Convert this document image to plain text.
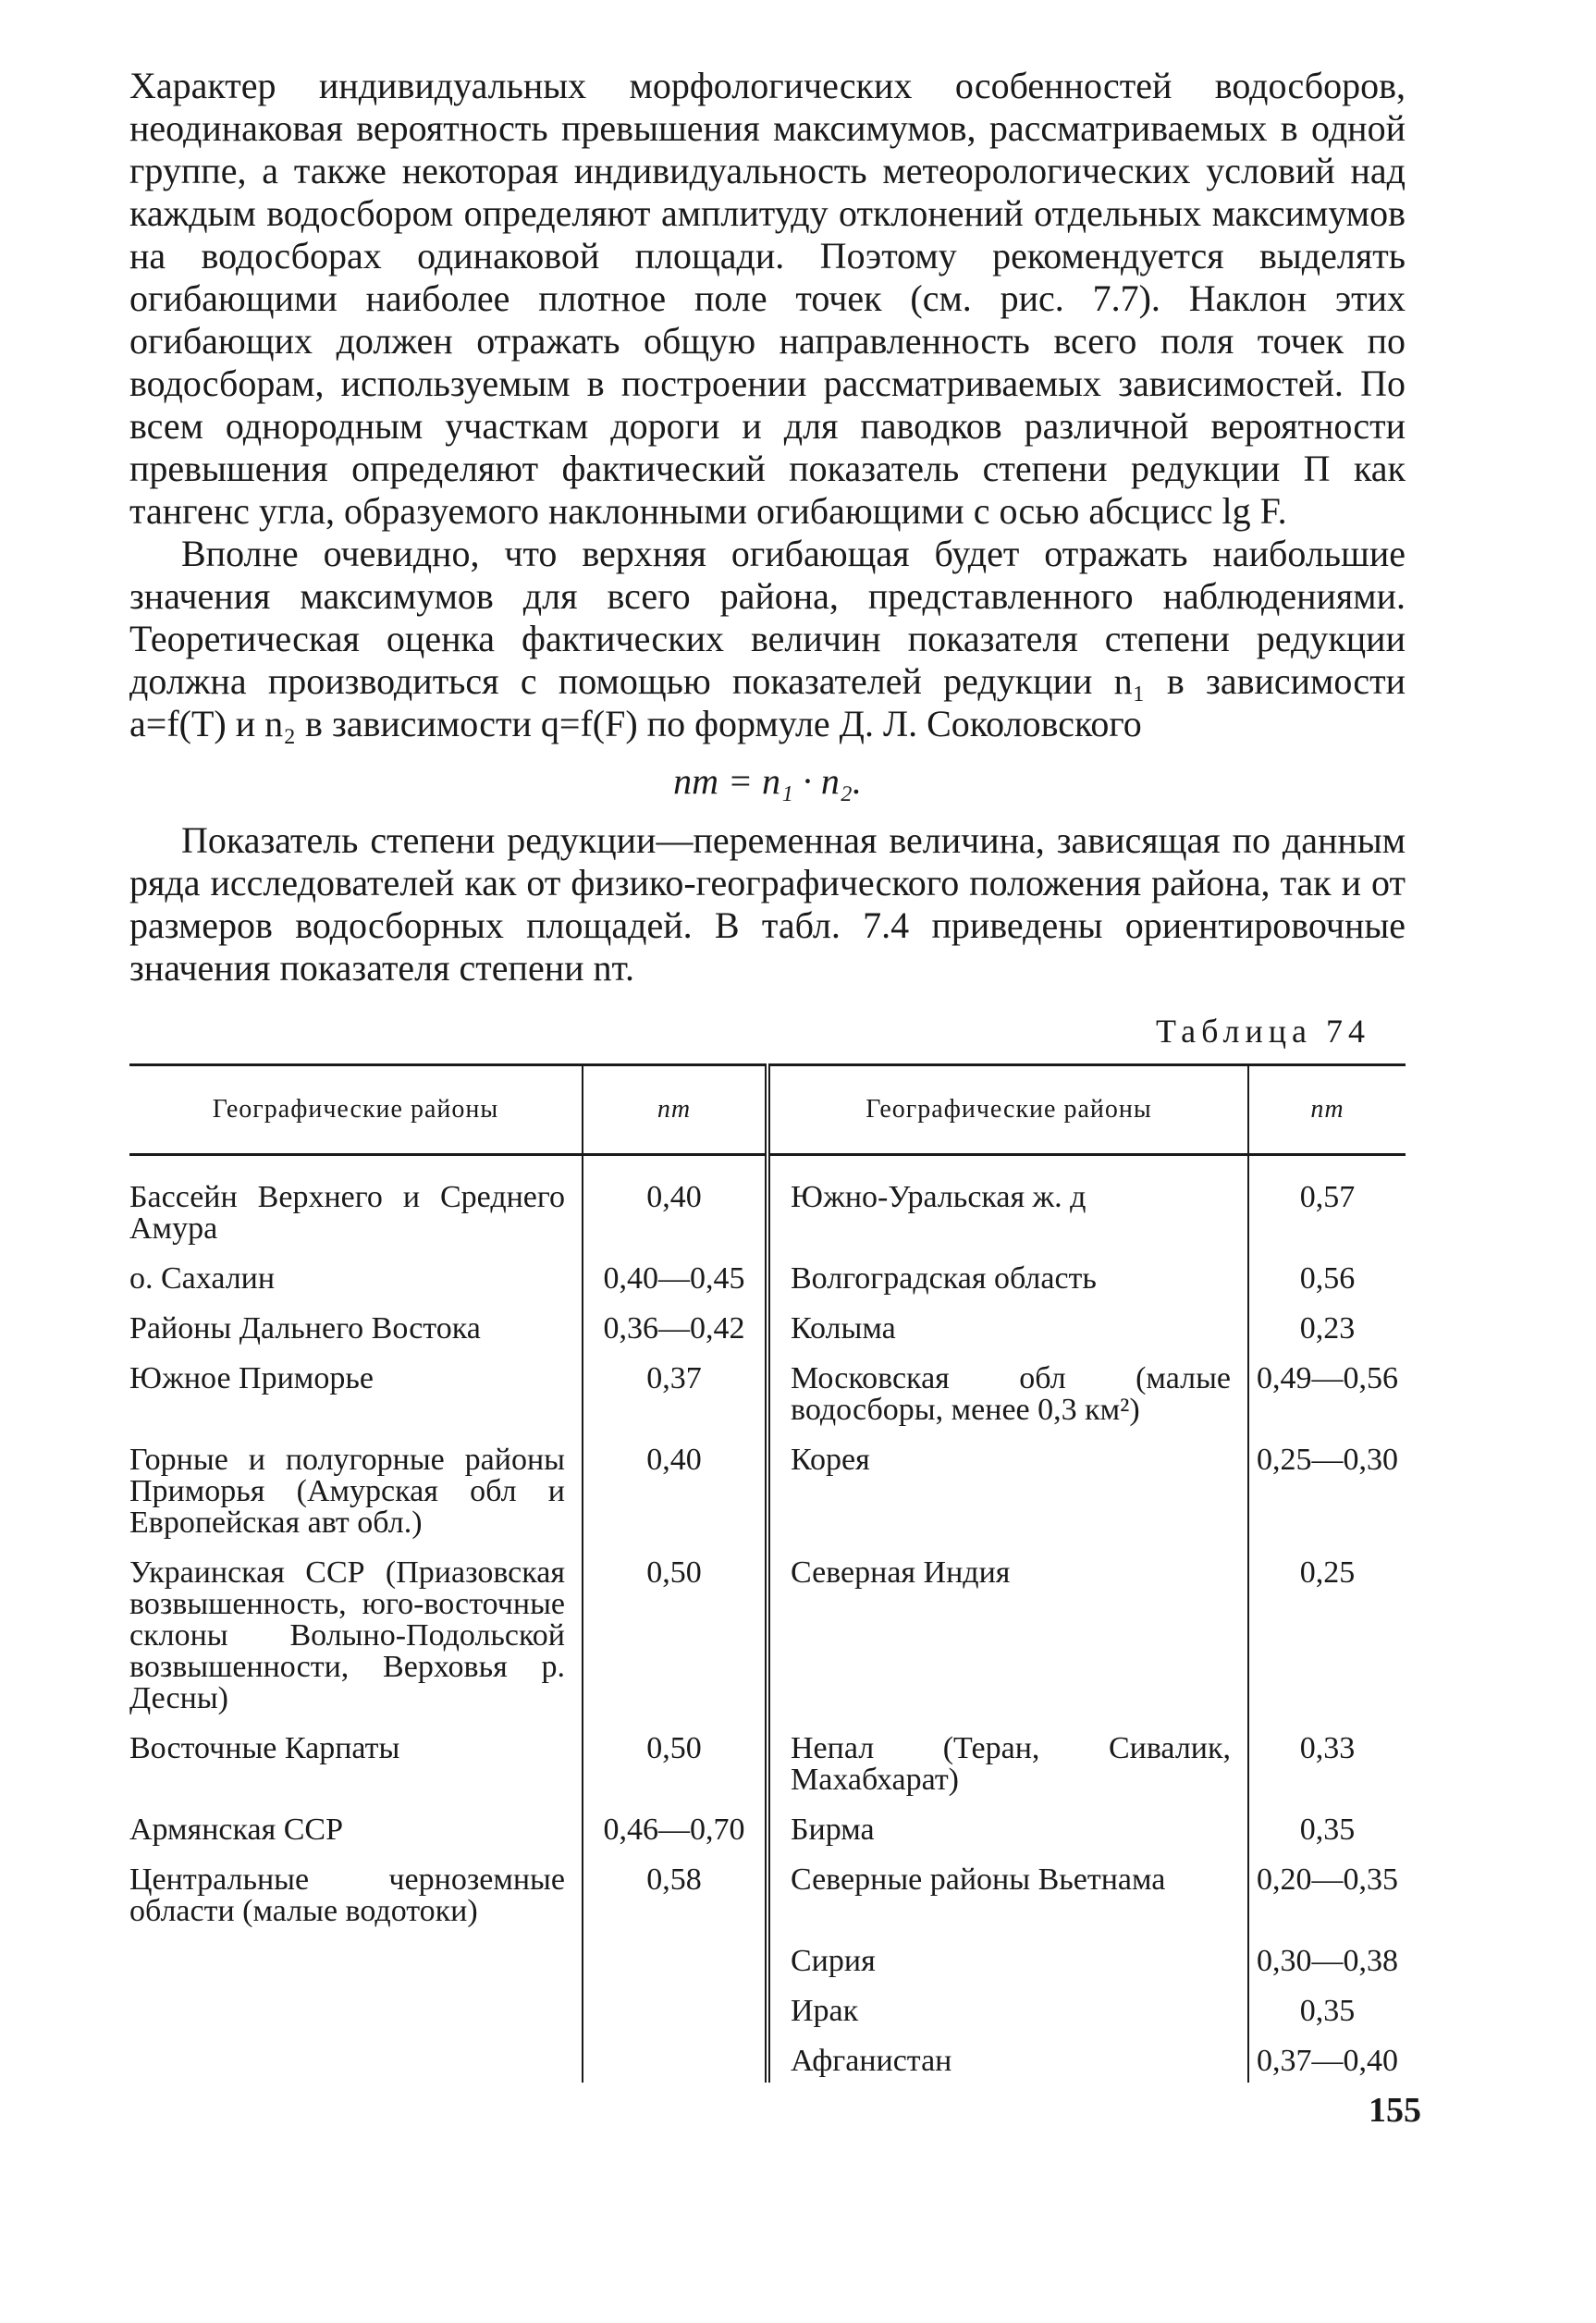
Характер индивидуальных морфологических особенностей водосборов, неодинаковая вероятность превышения максимумов, рассматриваемых в одной группе, а также некоторая индивидуальность метеорологических условий над каждым водосбором определяют амплитуду отклонений отдельных максимумов на водосборах одинаковой площади. Поэтому рекомендуется выделять огибающими наиболее плотное поле точек (см. рис. 7.7). Наклон этих огибающих должен отражать общую направленность всего поля точек по водосборам, используемым в построении рассматриваемых зависимостей. По всем однородным участкам дороги и для паводков различной вероятности превышения определяют фактический показатель степени редукции П как тангенс угла, образуемого наклонными огибающими с осью абсцисс lg F.

Вполне очевидно, что верхняя огибающая будет отражать наибольшие значения максимумов для всего района, представленного наблюдениями. Теоретическая оценка фактических величин показателя степени редукции должна производиться с помощью показателей редукции n₁ в зависимости a=f(T) и n₂ в зависимости q=f(F) по формуле Д. Л. Соколовского

nт = n₁ · n₂.

Показатель степени редукции—переменная величина, зависящая по данным ряда исследователей как от физико-географического положения района, так и от размеров водосборных площадей. В табл. 7.4 приведены ориентировочные значения показателя степени nт.

Таблица 74
Географические районы	nт	Географические районы	nт

Бассейн Верхнего и Среднего Амура	0,40	Южно-Уральская ж. д	0,57

о. Сахалин	0,40—0,45	Волгоградская область	0,56

Районы Дальнего Востока	0,36—0,42	Колыма	0,23

Южное Приморье	0,37	Московская обл (малые водосборы, менее 0,3 км²)	0,49—0,56

Горные и полугорные районы Приморья (Амурская обл и Европейская авт обл.)	0,40	Корея	0,25—0,30

Украинская ССР (Приазовская возвышенность, юго-восточные склоны Волыно-Подольской возвышенности, Верховья р. Десны)	0,50	Северная Индия	0,25

Восточные Карпаты	0,50	Непал (Теран, Сивалик, Махабхарат)	0,33

Армянская ССР	0,46—0,70	Бирма	0,35

Центральные черноземные области (малые водотоки)	0,58	Северные районы Вьетнама	0,20—0,35

		Сирия	0,30—0,38

		Ирак	0,35

		Афганистан	0,37—0,40
155
